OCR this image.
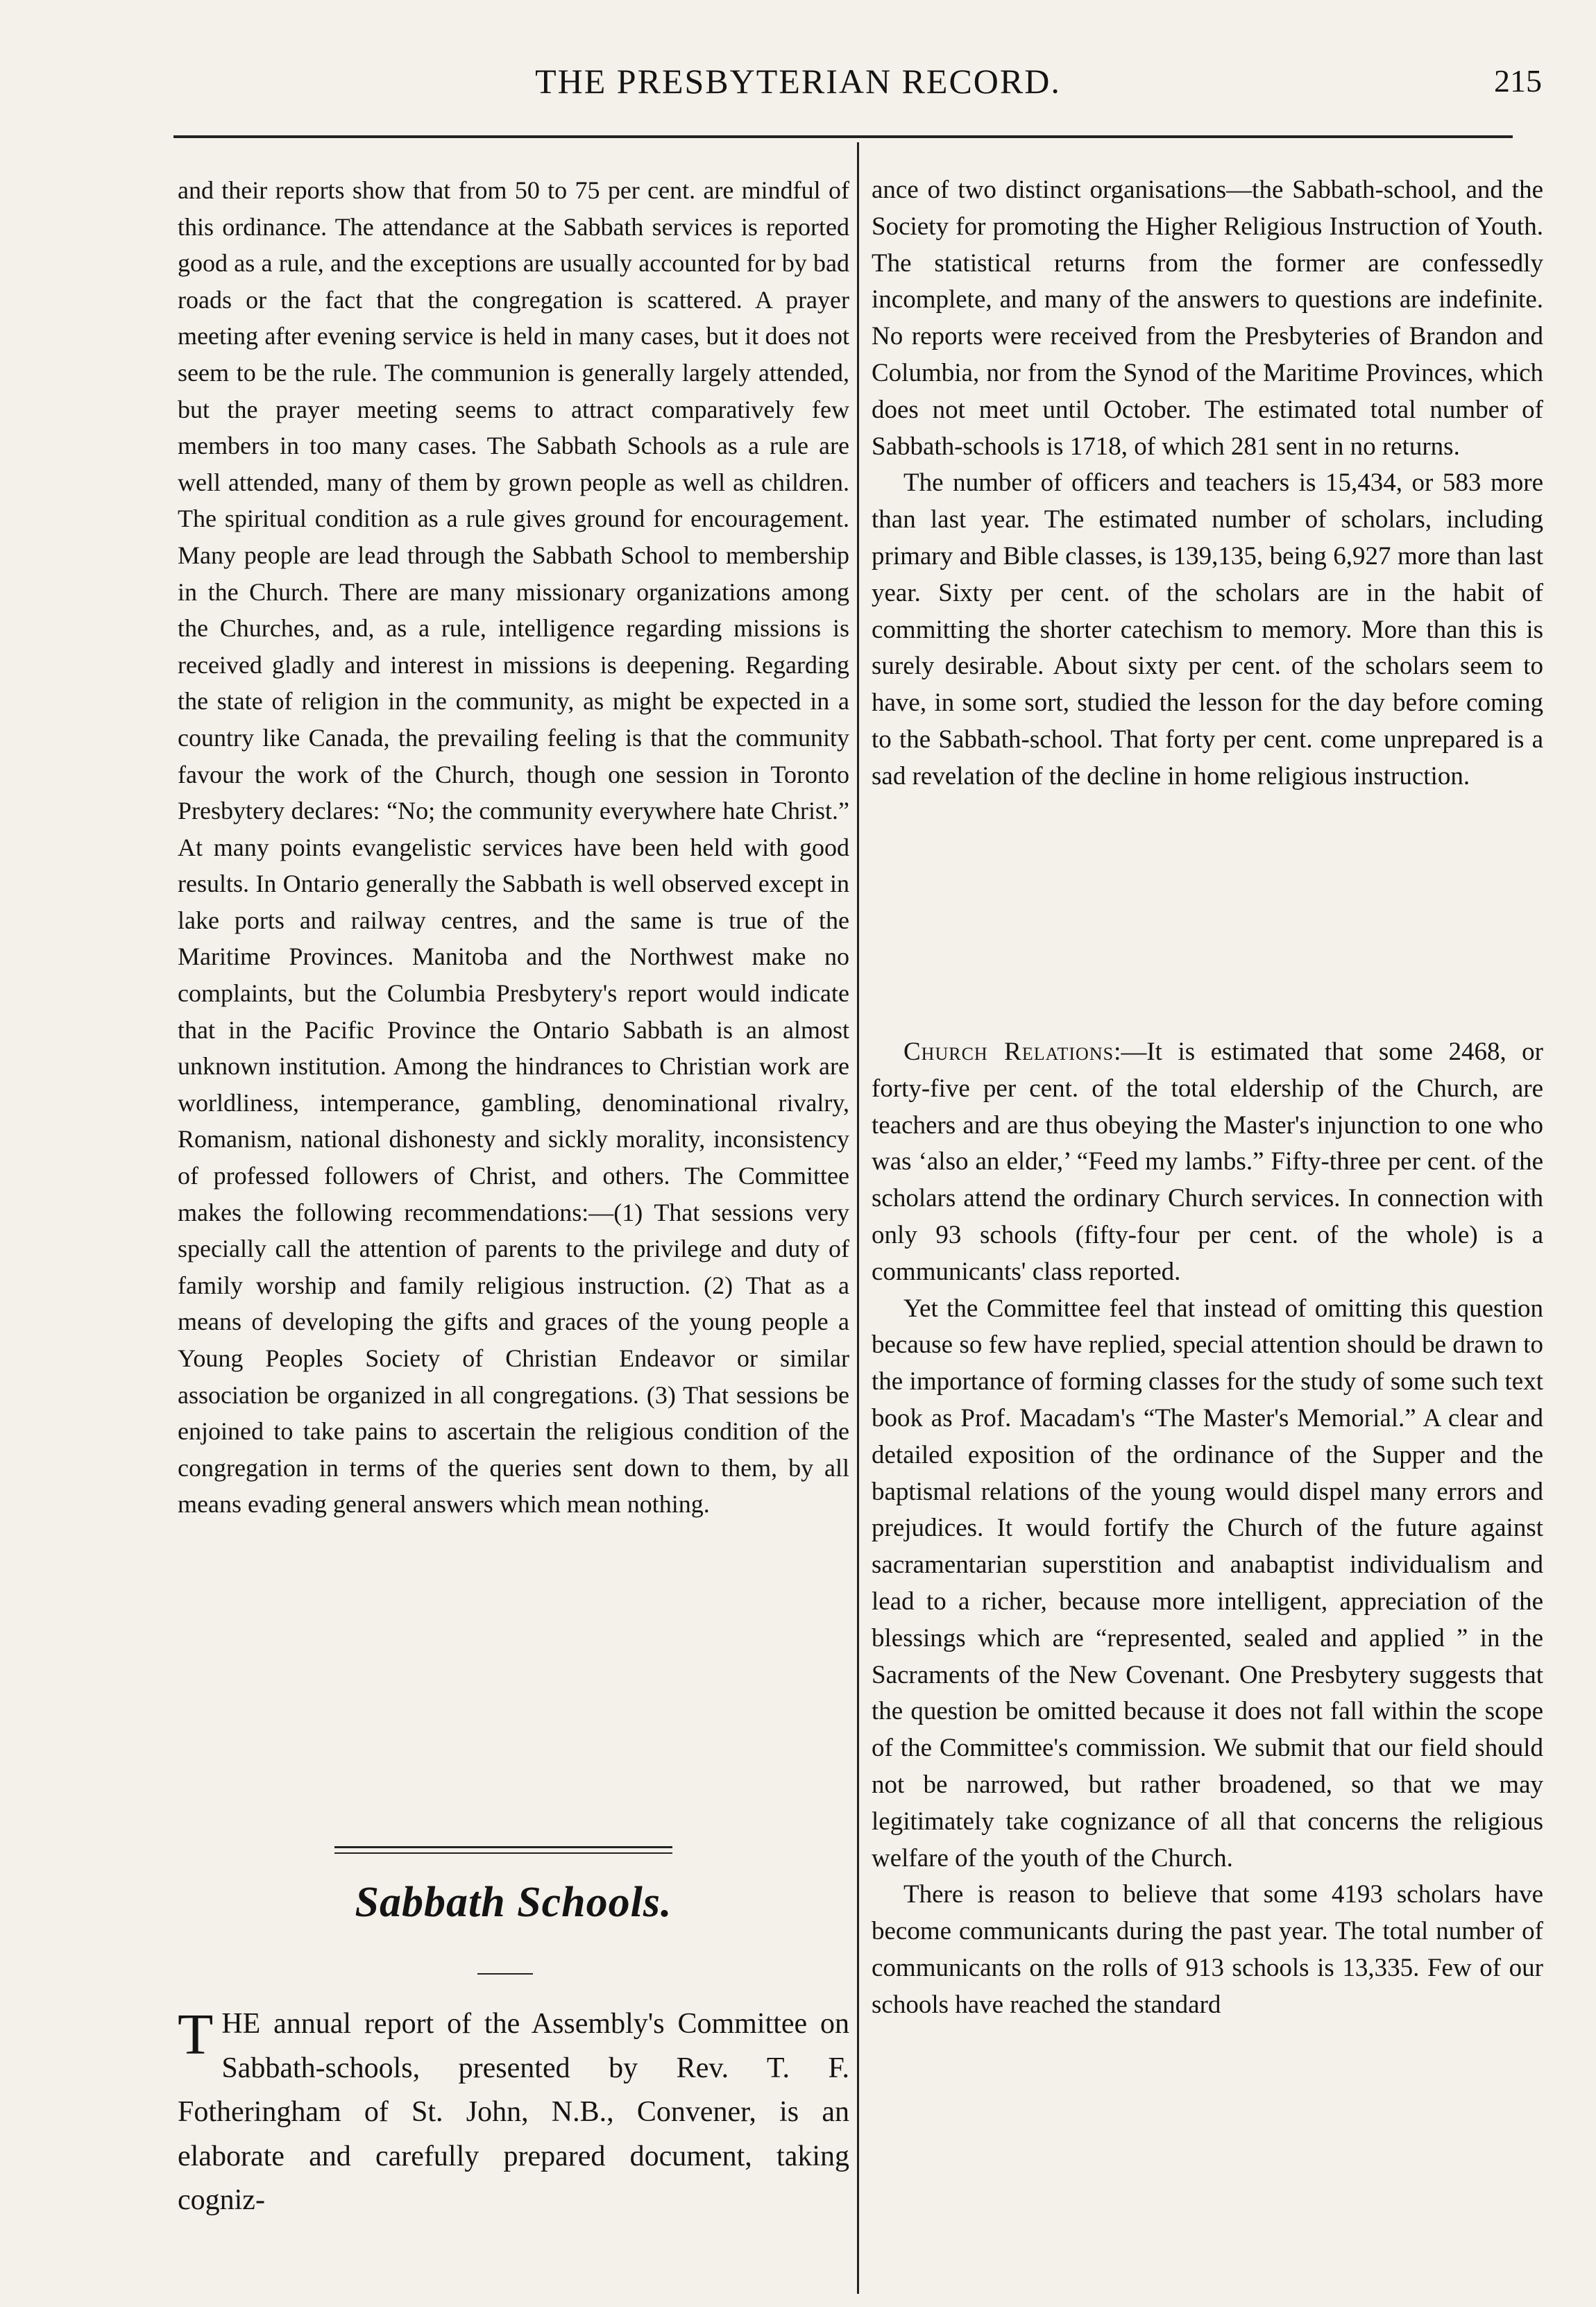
THE PRESBYTERIAN RECORD.	215

and their reports show that from 50 to 75 per cent. are mindful of this ordinance. The attendance at the Sabbath services is reported good as a rule, and the exceptions are usually accounted for by bad roads or the fact that the congregation is scattered. A prayer meeting after evening service is held in many cases, but it does not seem to be the rule. The communion is generally largely attended, but the prayer meeting seems to attract comparatively few members in too many cases. The Sabbath Schools as a rule are well attended, many of them by grown people as well as children. The spiritual condition as a rule gives ground for encouragement. Many people are lead through the Sabbath School to membership in the Church. There are many missionary organizations among the Churches, and, as a rule, intelligence regarding missions is received gladly and interest in missions is deepening. Regarding the state of religion in the community, as might be expected in a country like Canada, the prevailing feeling is that the community favour the work of the Church, though one session in Toronto Presbytery declares: “No; the community everywhere hate Christ.” At many points evangelistic services have been held with good results. In Ontario generally the Sabbath is well observed except in lake ports and railway centres, and the same is true of the Maritime Provinces. Manitoba and the Northwest make no complaints, but the Columbia Presbytery's report would indicate that in the Pacific Province the Ontario Sabbath is an almost unknown institution. Among the hindrances to Christian work are worldliness, intemperance, gambling, denominational rivalry, Romanism, national dishonesty and sickly morality, inconsistency of professed followers of Christ, and others. The Committee makes the following recommendations:—(1) That sessions very specially call the attention of parents to the privilege and duty of family worship and family religious instruction. (2) That as a means of developing the gifts and graces of the young people a Young Peoples Society of Christian Endeavor or similar association be organized in all congregations. (3) That sessions be enjoined to take pains to ascertain the religious condition of the congregation in terms of the queries sent down to them, by all means evading general answers which mean nothing.

Sabbath Schools.
T HE annual report of the Assembly's Committee on Sabbath-schools, presented by Rev. T. F. Fotheringham of St. John, N.B., Convener, is an elaborate and carefully prepared document, taking cogniz-

ance of two distinct organisations—the Sabbath-school, and the Society for promoting the Higher Religious Instruction of Youth. The statistical returns from the former are confessedly incomplete, and many of the answers to questions are indefinite. No reports were received from the Presbyteries of Brandon and Columbia, nor from the Synod of the Maritime Provinces, which does not meet until October. The estimated total number of Sabbath-schools is 1718, of which 281 sent in no returns.

The number of officers and teachers is 15,434, or 583 more than last year. The estimated number of scholars, including primary and Bible classes, is 139,135, being 6,927 more than last year. Sixty per cent. of the scholars are in the habit of committing the shorter catechism to memory. More than this is surely desirable. About sixty per cent. of the scholars seem to have, in some sort, studied the lesson for the day before coming to the Sabbath-school. That forty per cent. come unprepared is a sad revelation of the decline in home religious instruction.

Church Relations:—It is estimated that some 2468, or forty-five per cent. of the total eldership of the Church, are teachers and are thus obeying the Master's injunction to one who was ‘also an elder,’ “Feed my lambs.” Fifty-three per cent. of the scholars attend the ordinary Church services. In connection with only 93 schools (fifty-four per cent. of the whole) is a communicants' class reported.

Yet the Committee feel that instead of omitting this question because so few have replied, special attention should be drawn to the importance of forming classes for the study of some such text book as Prof. Macadam's “The Master's Memorial.” A clear and detailed exposition of the ordinance of the Supper and the baptismal relations of the young would dispel many errors and prejudices. It would fortify the Church of the future against sacramentarian superstition and anabaptist individualism and lead to a richer, because more intelligent, appreciation of the blessings which are “represented, sealed and applied ” in the Sacraments of the New Covenant. One Presbytery suggests that the question be omitted because it does not fall within the scope of the Committee's commission. We submit that our field should not be narrowed, but rather broadened, so that we may legitimately take cognizance of all that concerns the religious welfare of the youth of the Church.

There is reason to believe that some 4193 scholars have become communicants during the past year. The total number of communicants on the rolls of 913 schools is 13,335. Few of our schools have reached the standard
